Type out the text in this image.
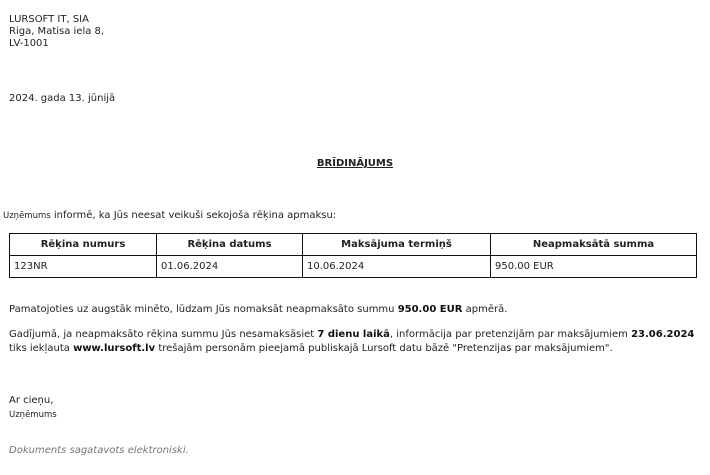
LURSOFT IT, SIA
Riga, Matisa iela 8,
LV-1001
2024. gada 13. jūnijā
BRĪDINĀJUMS
Uzņēmums informē, ka Jūs neesat veikuši sekojoša rēķina apmaksu:
Rēķina numurs	Rēķina datums	Maksājuma termiņš	Neapmaksātā summa
123NR	01.06.2024	10.06.2024	950.00 EUR
Pamatojoties uz augstāk minēto, lūdzam Jūs nomaksāt neapmaksāto summu 950.00 EUR apmērā.
Gadījumā, ja neapmaksāto rēķina summu Jūs nesamaksāsiet 7 dienu laikā, informācija par pretenzijām par maksājumiem 23.06.2024
tiks iekļauta www.lursoft.lv trešajām personām pieejamā publiskajā Lursoft datu bāzē "Pretenzijas par maksājumiem".
Ar cieņu,
Uzņēmums
Dokuments sagatavots elektroniski.
